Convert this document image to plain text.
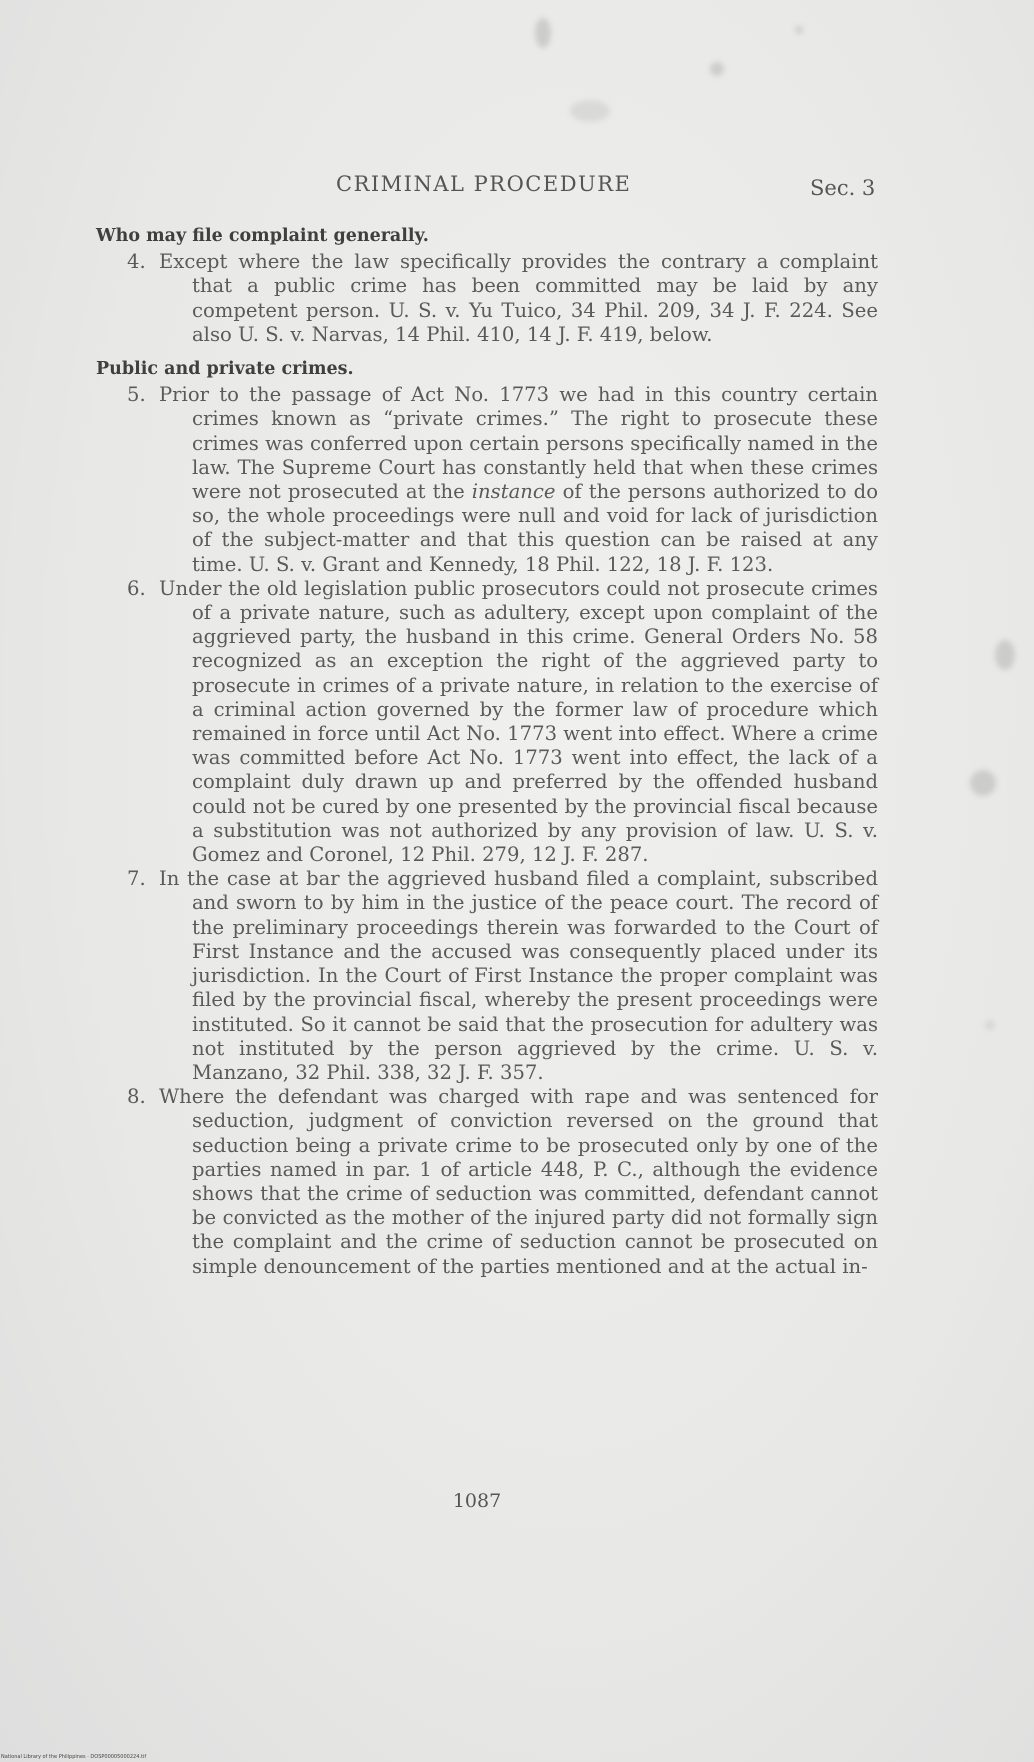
CRIMINAL PROCEDURE	Sec. 3
Who may file complaint generally.

4. Except where the law specifically provides the contrary a complaint that a public crime has been committed may be laid by any competent person. U. S. v. Yu Tuico, 34 Phil. 209, 34 J. F. 224. See also U. S. v. Narvas, 14 Phil. 410, 14 J. F. 419, below.

Public and private crimes.

5. Prior to the passage of Act No. 1773 we had in this country certain crimes known as “private crimes.” The right to prosecute these crimes was conferred upon certain persons specifically named in the law. The Supreme Court has constantly held that when these crimes were not prosecuted at the instance of the persons authorized to do so, the whole proceedings were null and void for lack of jurisdiction of the subject-matter and that this question can be raised at any time. U. S. v. Grant and Kennedy, 18 Phil. 122, 18 J. F. 123.

6. Under the old legislation public prosecutors could not prosecute crimes of a private nature, such as adultery, except upon complaint of the aggrieved party, the husband in this crime. General Orders No. 58 recognized as an exception the right of the aggrieved party to prosecute in crimes of a private nature, in relation to the exercise of a criminal action governed by the former law of procedure which remained in force until Act No. 1773 went into effect. Where a crime was committed before Act No. 1773 went into effect, the lack of a complaint duly drawn up and preferred by the offended husband could not be cured by one presented by the provincial fiscal because a substitution was not authorized by any provision of law. U. S. v. Gomez and Coronel, 12 Phil. 279, 12 J. F. 287.

7. In the case at bar the aggrieved husband filed a complaint, subscribed and sworn to by him in the justice of the peace court. The record of the preliminary proceedings therein was forwarded to the Court of First Instance and the accused was consequently placed under its jurisdiction. In the Court of First Instance the proper complaint was filed by the provincial fiscal, whereby the present proceedings were instituted. So it cannot be said that the prosecution for adultery was not instituted by the person aggrieved by the crime. U. S. v. Manzano, 32 Phil. 338, 32 J. F. 357.

8. Where the defendant was charged with rape and was sentenced for seduction, judgment of conviction reversed on the ground that seduction being a private crime to be prosecuted only by one of the parties named in par. 1 of article 448, P. C., although the evidence shows that the crime of seduction was committed, defendant cannot be convicted as the mother of the injured party did not formally sign the complaint and the crime of seduction cannot be prosecuted on simple denouncement of the parties mentioned and at the actual in-

1087
National Library of the Philippines · DOSP00005000224.tif
